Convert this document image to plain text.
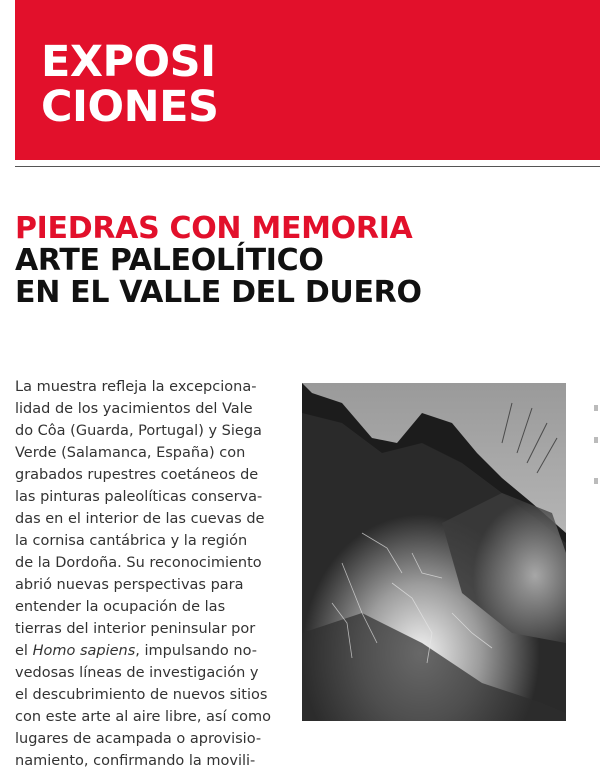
EXPOSI
CIONES
PIEDRAS CON MEMORIA
ARTE PALEOLÍTICO
EN EL VALLE DEL DUERO

La muestra refleja la excepciona-
lidad de los yacimientos del Vale
do Côa (Guarda, Portugal) y Siega
Verde (Salamanca, España) con
grabados rupestres coetáneos de
las pinturas paleolíticas conserva-
das en el interior de las cuevas de
la cornisa cantábrica y la región
de la Dordoña. Su reconocimiento
abrió nuevas perspectivas para
entender la ocupación de las
tierras del interior peninsular por
el Homo sapiens, impulsando no-
vedosas líneas de investigación y
el descubrimiento de nuevos sitios
con este arte al aire libre, así como
lugares de acampada o aprovisio-
namiento, confirmando la movili-
